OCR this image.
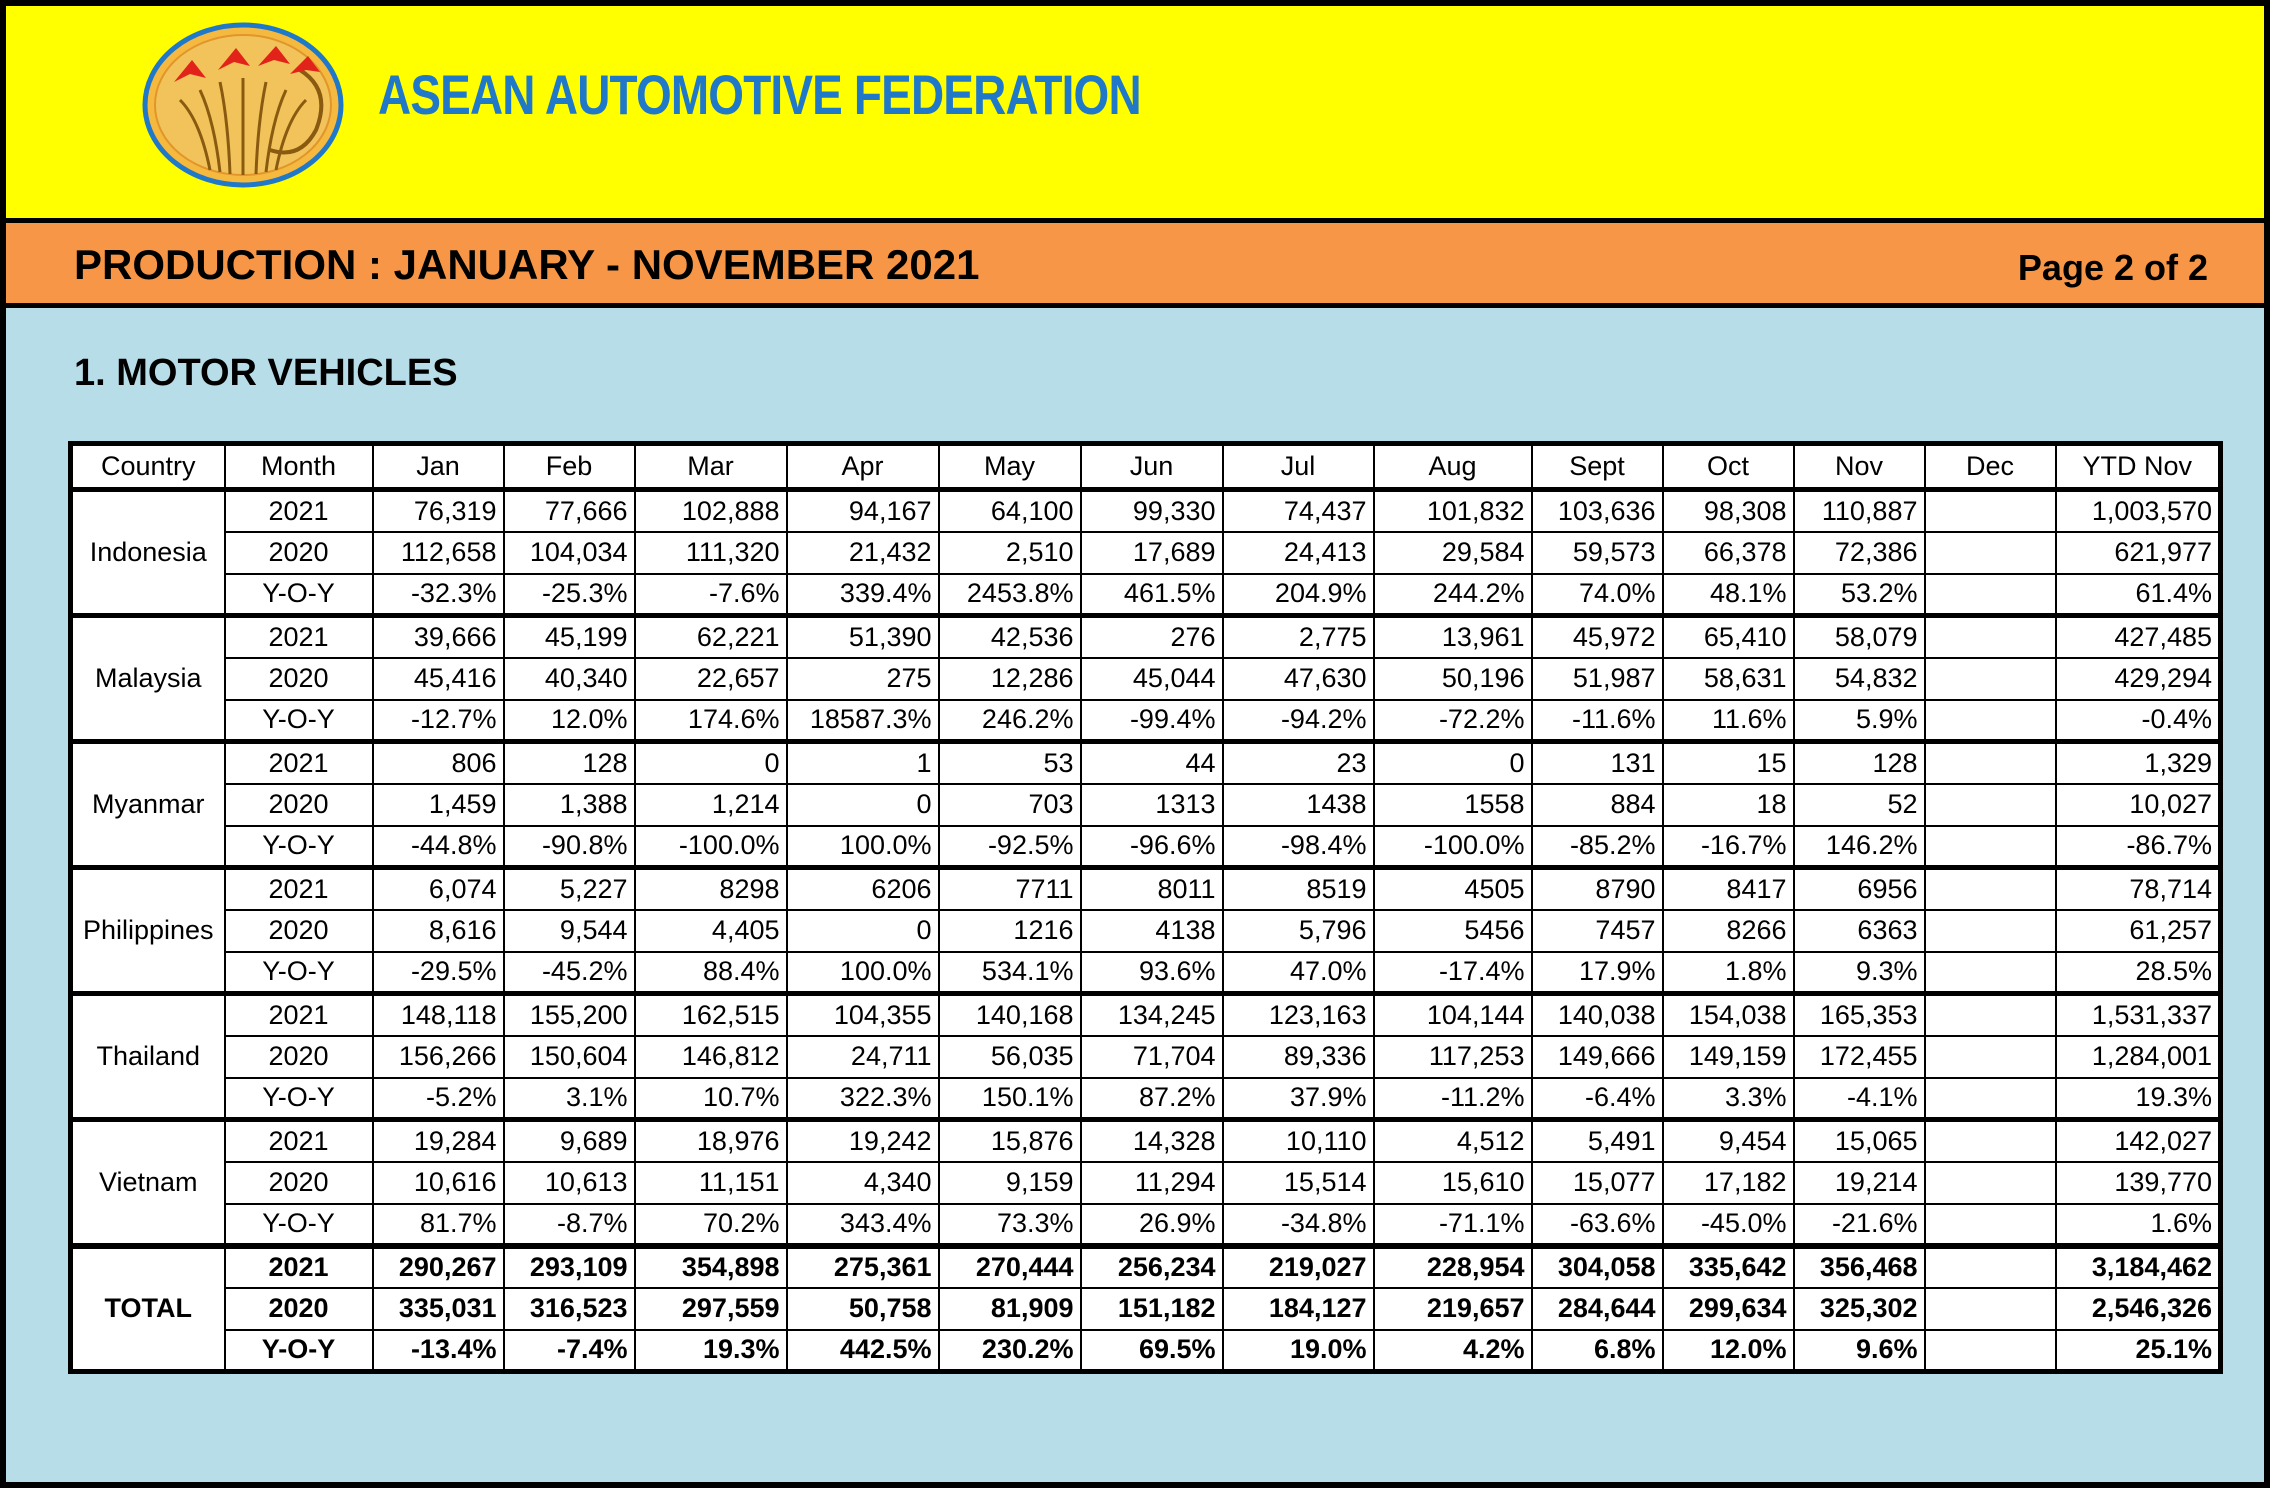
ASEAN AUTOMOTIVE FEDERATION
PRODUCTION : JANUARY - NOVEMBER 2021	Page 2 of 2
1. MOTOR VEHICLES
Country	Month	Jan	Feb	Mar	Apr	May	Jun	Jul	Aug	Sept	Oct	Nov	Dec	YTD Nov
Indonesia	2021	76,319	77,666	102,888	94,167	64,100	99,330	74,437	101,832	103,636	98,308	110,887		1,003,570
	2020	112,658	104,034	111,320	21,432	2,510	17,689	24,413	29,584	59,573	66,378	72,386		621,977
	Y-O-Y	-32.3%	-25.3%	-7.6%	339.4%	2453.8%	461.5%	204.9%	244.2%	74.0%	48.1%	53.2%		61.4%
Malaysia	2021	39,666	45,199	62,221	51,390	42,536	276	2,775	13,961	45,972	65,410	58,079		427,485
	2020	45,416	40,340	22,657	275	12,286	45,044	47,630	50,196	51,987	58,631	54,832		429,294
	Y-O-Y	-12.7%	12.0%	174.6%	18587.3%	246.2%	-99.4%	-94.2%	-72.2%	-11.6%	11.6%	5.9%		-0.4%
Myanmar	2021	806	128	0	1	53	44	23	0	131	15	128		1,329
	2020	1,459	1,388	1,214	0	703	1313	1438	1558	884	18	52		10,027
	Y-O-Y	-44.8%	-90.8%	-100.0%	100.0%	-92.5%	-96.6%	-98.4%	-100.0%	-85.2%	-16.7%	146.2%		-86.7%
Philippines	2021	6,074	5,227	8298	6206	7711	8011	8519	4505	8790	8417	6956		78,714
	2020	8,616	9,544	4,405	0	1216	4138	5,796	5456	7457	8266	6363		61,257
	Y-O-Y	-29.5%	-45.2%	88.4%	100.0%	534.1%	93.6%	47.0%	-17.4%	17.9%	1.8%	9.3%		28.5%
Thailand	2021	148,118	155,200	162,515	104,355	140,168	134,245	123,163	104,144	140,038	154,038	165,353		1,531,337
	2020	156,266	150,604	146,812	24,711	56,035	71,704	89,336	117,253	149,666	149,159	172,455		1,284,001
	Y-O-Y	-5.2%	3.1%	10.7%	322.3%	150.1%	87.2%	37.9%	-11.2%	-6.4%	3.3%	-4.1%		19.3%
Vietnam	2021	19,284	9,689	18,976	19,242	15,876	14,328	10,110	4,512	5,491	9,454	15,065		142,027
	2020	10,616	10,613	11,151	4,340	9,159	11,294	15,514	15,610	15,077	17,182	19,214		139,770
	Y-O-Y	81.7%	-8.7%	70.2%	343.4%	73.3%	26.9%	-34.8%	-71.1%	-63.6%	-45.0%	-21.6%		1.6%
TOTAL	2021	290,267	293,109	354,898	275,361	270,444	256,234	219,027	228,954	304,058	335,642	356,468		3,184,462
	2020	335,031	316,523	297,559	50,758	81,909	151,182	184,127	219,657	284,644	299,634	325,302		2,546,326
	Y-O-Y	-13.4%	-7.4%	19.3%	442.5%	230.2%	69.5%	19.0%	4.2%	6.8%	12.0%	9.6%		25.1%
